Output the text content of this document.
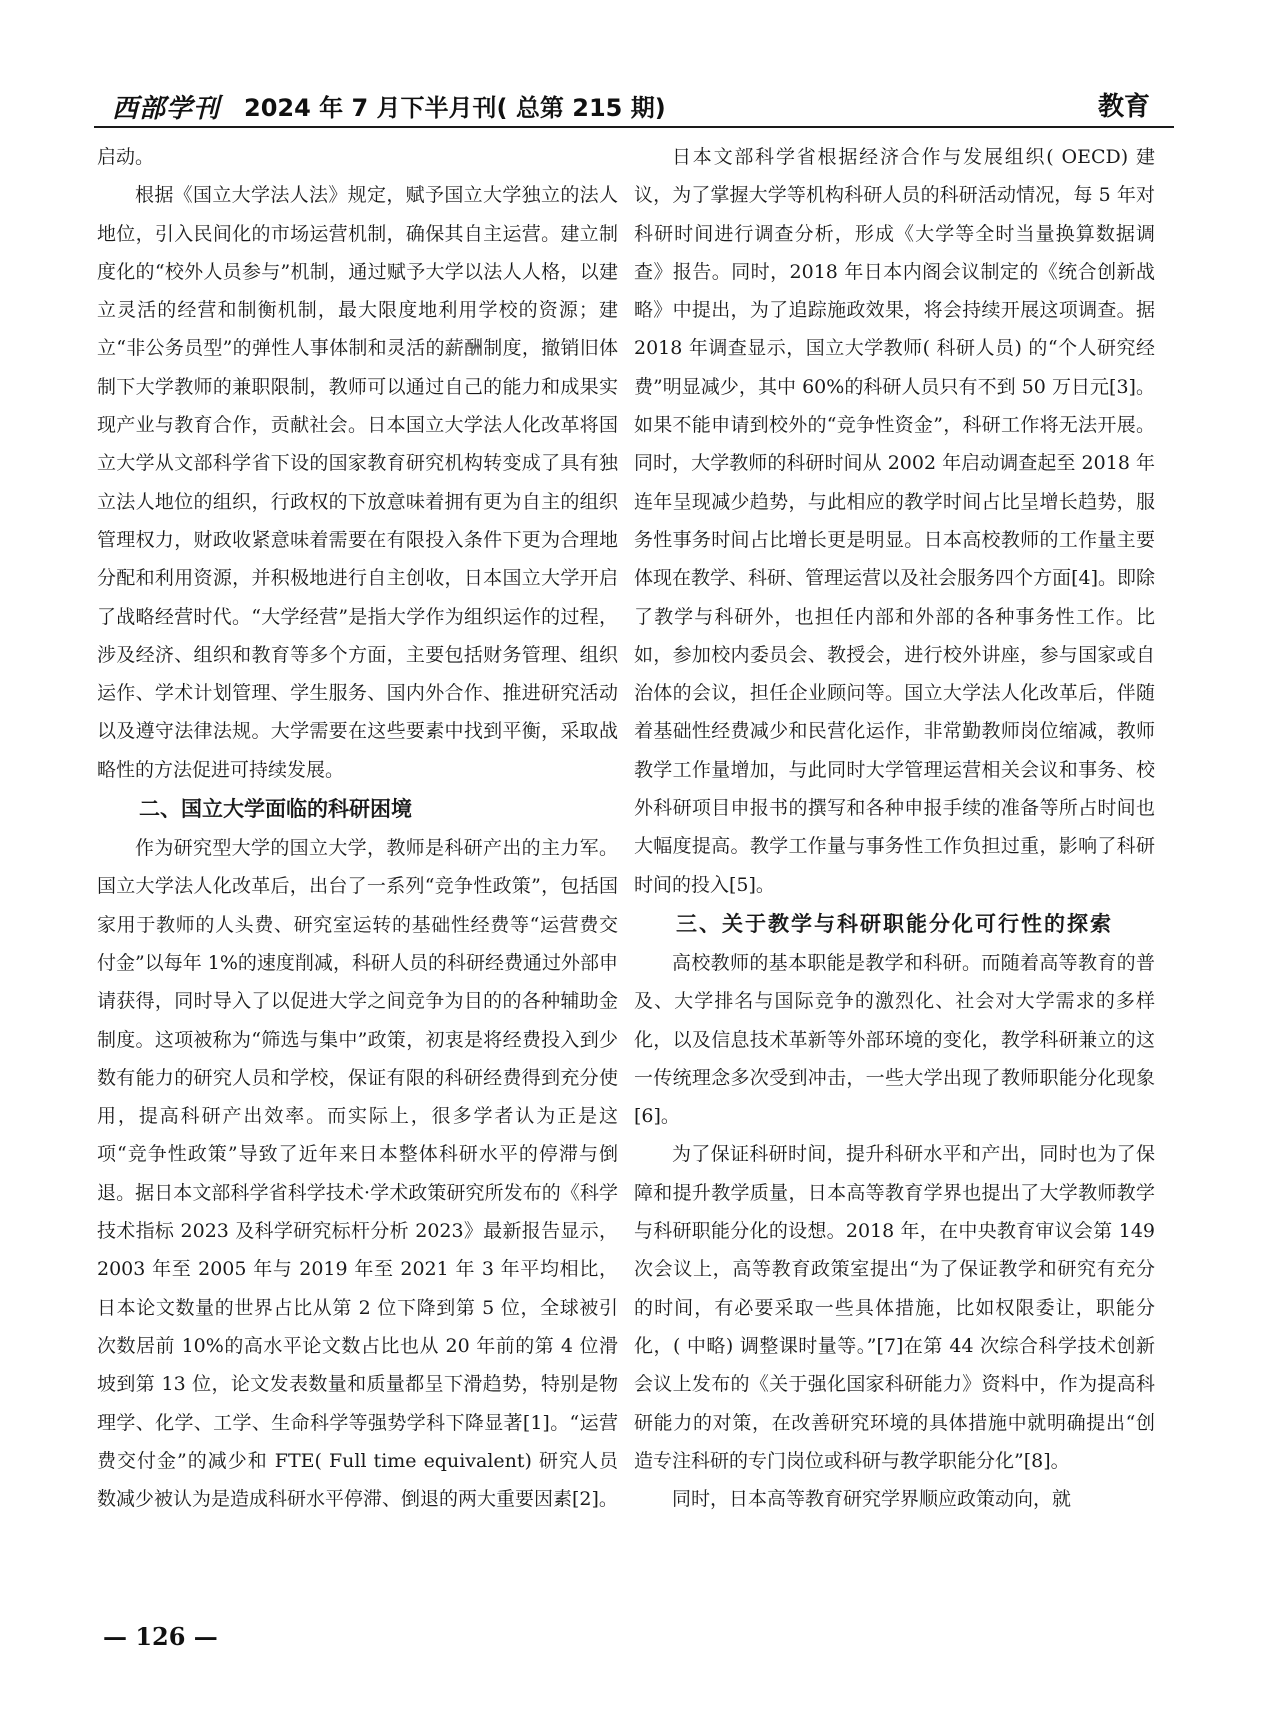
西部学刊 2024 年 7 月下半月刊( 总第 215 期)	教育

启动。

根据《国立大学法人法》规定，赋予国立大学独立的法人地位，引入民间化的市场运营机制，确保其自主运营。建立制度化的“校外人员参与”机制，通过赋予大学以法人人格，以建立灵活的经营和制衡机制，最大限度地利用学校的资源；建立“非公务员型”的弹性人事体制和灵活的薪酬制度，撤销旧体制下大学教师的兼职限制，教师可以通过自己的能力和成果实现产业与教育合作，贡献社会。日本国立大学法人化改革将国立大学从文部科学省下设的国家教育研究机构转变成了具有独立法人地位的组织，行政权的下放意味着拥有更为自主的组织管理权力，财政收紧意味着需要在有限投入条件下更为合理地分配和利用资源，并积极地进行自主创收，日本国立大学开启了战略经营时代。“大学经营”是指大学作为组织运作的过程，涉及经济、组织和教育等多个方面，主要包括财务管理、组织运作、学术计划管理、学生服务、国内外合作、推进研究活动以及遵守法律法规。大学需要在这些要素中找到平衡，采取战略性的方法促进可持续发展。

二、国立大学面临的科研困境

作为研究型大学的国立大学，教师是科研产出的主力军。国立大学法人化改革后，出台了一系列“竞争性政策”，包括国家用于教师的人头费、研究室运转的基础性经费等“运营费交付金”以每年 1%的速度削减，科研人员的科研经费通过外部申请获得，同时导入了以促进大学之间竞争为目的的各种辅助金制度。这项被称为“筛选与集中”政策，初衷是将经费投入到少数有能力的研究人员和学校，保证有限的科研经费得到充分使用，提高科研产出效率。而实际上，很多学者认为正是这项“竞争性政策”导致了近年来日本整体科研水平的停滞与倒退。据日本文部科学省科学技术·学术政策研究所发布的《科学技术指标 2023 及科学研究标杆分析 2023》最新报告显示，2003 年至 2005 年与 2019 年至 2021 年 3 年平均相比，日本论文数量的世界占比从第 2 位下降到第 5 位，全球被引次数居前 10%的高水平论文数占比也从 20 年前的第 4 位滑坡到第 13 位，论文发表数量和质量都呈下滑趋势，特别是物理学、化学、工学、生命科学等强势学科下降显著[1]。“运营费交付金”的减少和 FTE( Full time equivalent) 研究人员数减少被认为是造成科研水平停滞、倒退的两大重要因素[2]。

日本文部科学省根据经济合作与发展组织( OECD) 建议，为了掌握大学等机构科研人员的科研活动情况，每 5 年对科研时间进行调查分析，形成《大学等全时当量换算数据调查》报告。同时，2018 年日本内阁会议制定的《统合创新战略》中提出，为了追踪施政效果，将会持续开展这项调查。据 2018 年调查显示，国立大学教师( 科研人员) 的“个人研究经费”明显减少，其中 60%的科研人员只有不到 50 万日元[3]。如果不能申请到校外的“竞争性资金”，科研工作将无法开展。同时，大学教师的科研时间从 2002 年启动调查起至 2018 年连年呈现减少趋势，与此相应的教学时间占比呈增长趋势，服务性事务时间占比增长更是明显。日本高校教师的工作量主要体现在教学、科研、管理运营以及社会服务四个方面[4]。即除了教学与科研外，也担任内部和外部的各种事务性工作。比如，参加校内委员会、教授会，进行校外讲座，参与国家或自治体的会议，担任企业顾问等。国立大学法人化改革后，伴随着基础性经费减少和民营化运作，非常勤教师岗位缩减，教师教学工作量增加，与此同时大学管理运营相关会议和事务、校外科研项目申报书的撰写和各种申报手续的准备等所占时间也大幅度提高。教学工作量与事务性工作负担过重，影响了科研时间的投入[5]。

三、关于教学与科研职能分化可行性的探索

高校教师的基本职能是教学和科研。而随着高等教育的普及、大学排名与国际竞争的激烈化、社会对大学需求的多样化，以及信息技术革新等外部环境的变化，教学科研兼立的这一传统理念多次受到冲击，一些大学出现了教师职能分化现象[6]。

为了保证科研时间，提升科研水平和产出，同时也为了保障和提升教学质量，日本高等教育学界也提出了大学教师教学与科研职能分化的设想。2018 年，在中央教育审议会第 149 次会议上，高等教育政策室提出“为了保证教学和研究有充分的时间，有必要采取一些具体措施，比如权限委让，职能分化，( 中略) 调整课时量等。”[7]在第 44 次综合科学技术创新会议上发布的《关于强化国家科研能力》资料中，作为提高科研能力的对策，在改善研究环境的具体措施中就明确提出“创造专注科研的专门岗位或科研与教学职能分化”[8]。

同时，日本高等教育研究学界顺应政策动向，就

— 126 —
